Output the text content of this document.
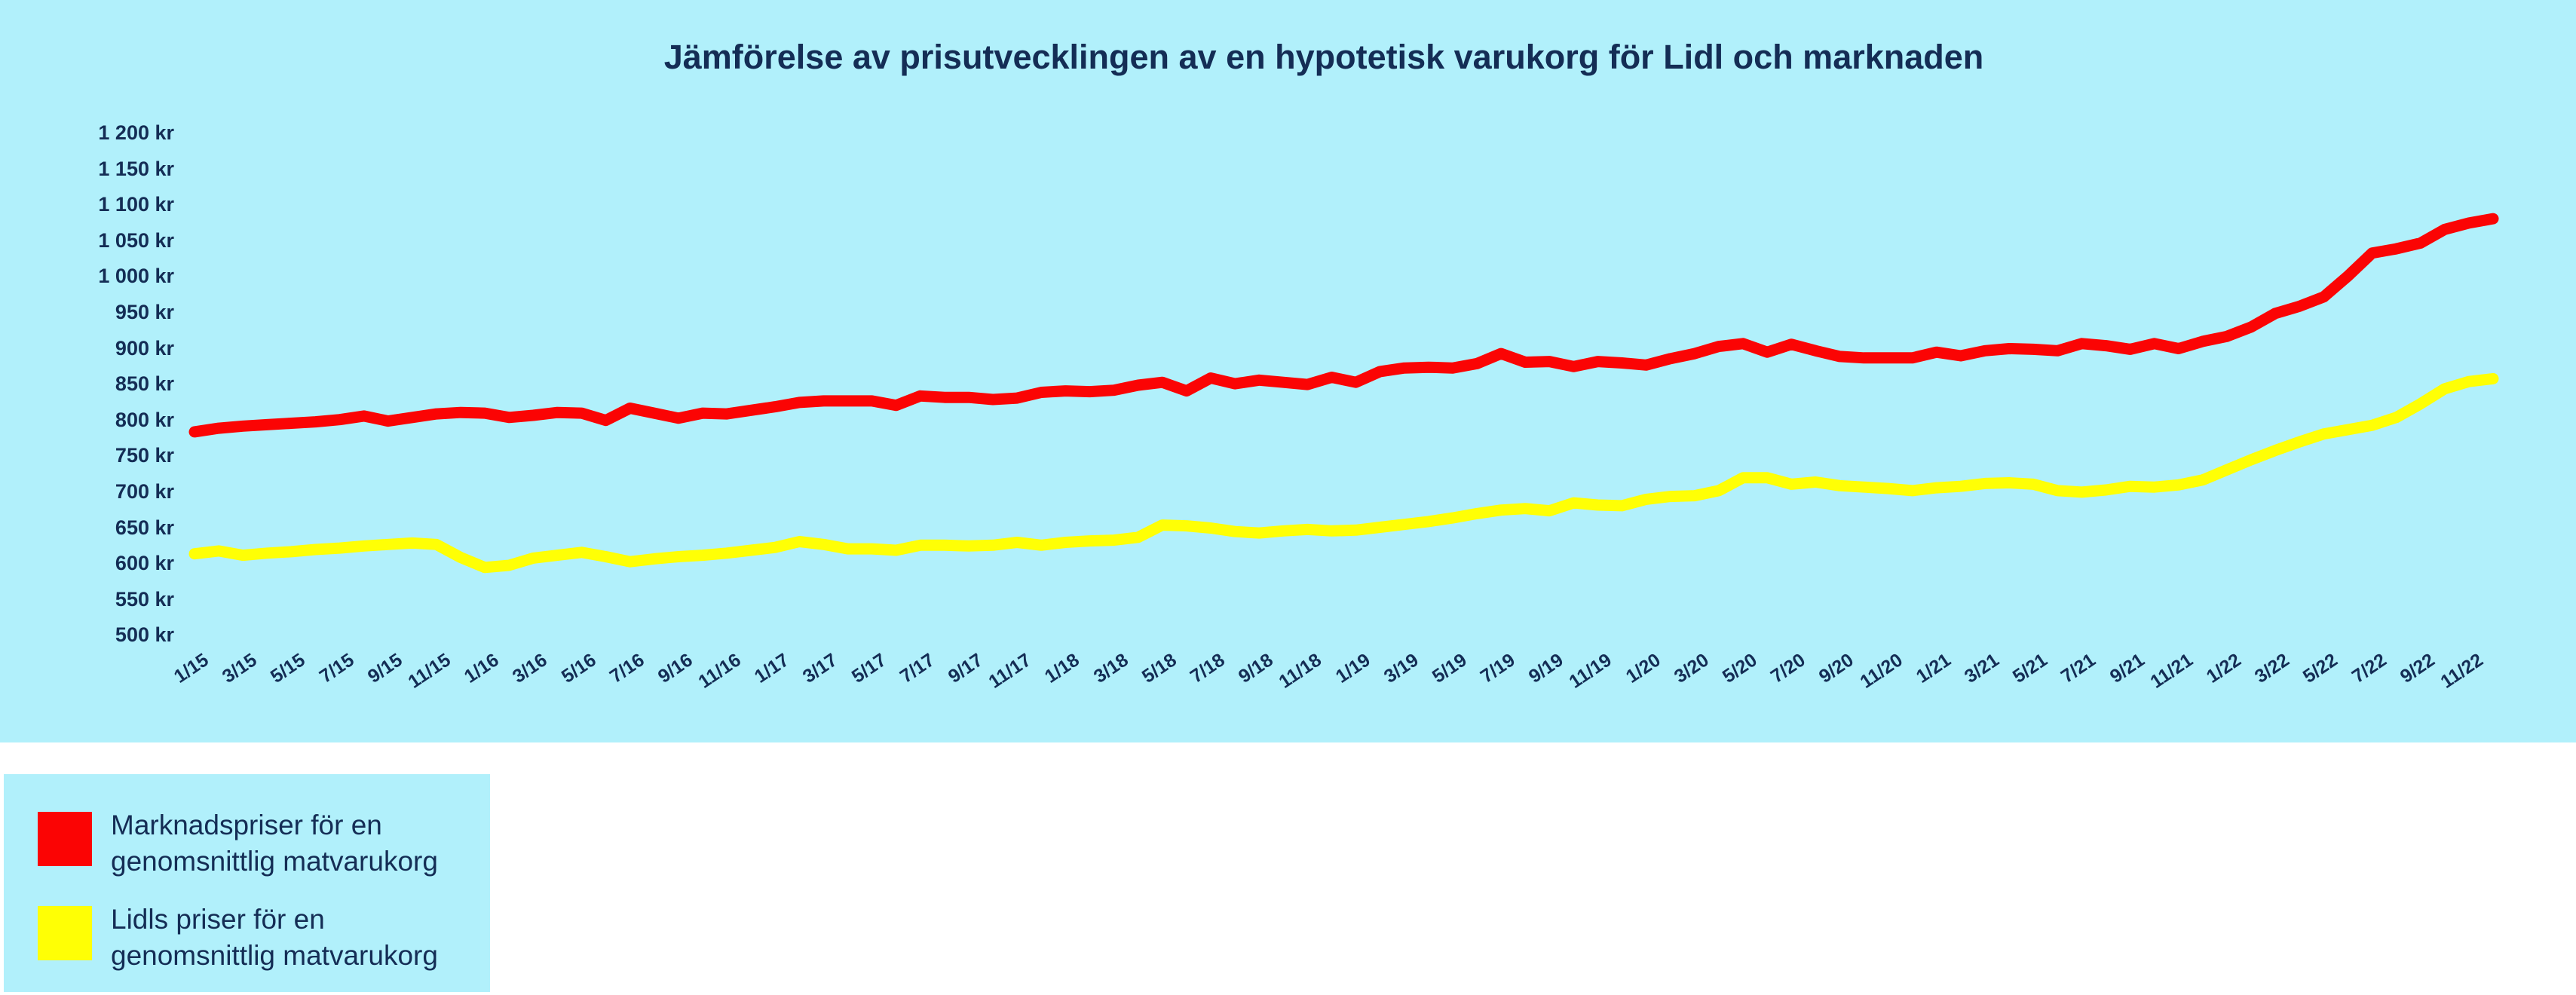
Jämförelse av prisutvecklingen av en hypotetisk varukorg för Lidl och marknaden
1 200 kr
1 150 kr
1 100 kr
1 050 kr
1 000 kr
950 kr
900 kr
850 kr
800 kr
750 kr
700 kr
650 kr
600 kr
550 kr
500 kr
1/15 3/15 5/15 7/15 9/15
11/15 1/16 3/16 5/16 7/16 9/16
11/16 1/17 3/17 5/17 7/17 9/17
11/17 1/18 3/18 5/18 7/18 9/18
11/18 1/19 3/19 5/19 7/19 9/19
11/19 1/20 3/20 5/20 7/20 9/20
11/20 1/21 3/21 5/21 7/21 9/21
11/21 1/22 3/22 5/22 7/22 9/22
11/22
Marknadspriser för en
genomsnittlig matvarukorg
Lidls priser för en
genomsnittlig matvarukorg
